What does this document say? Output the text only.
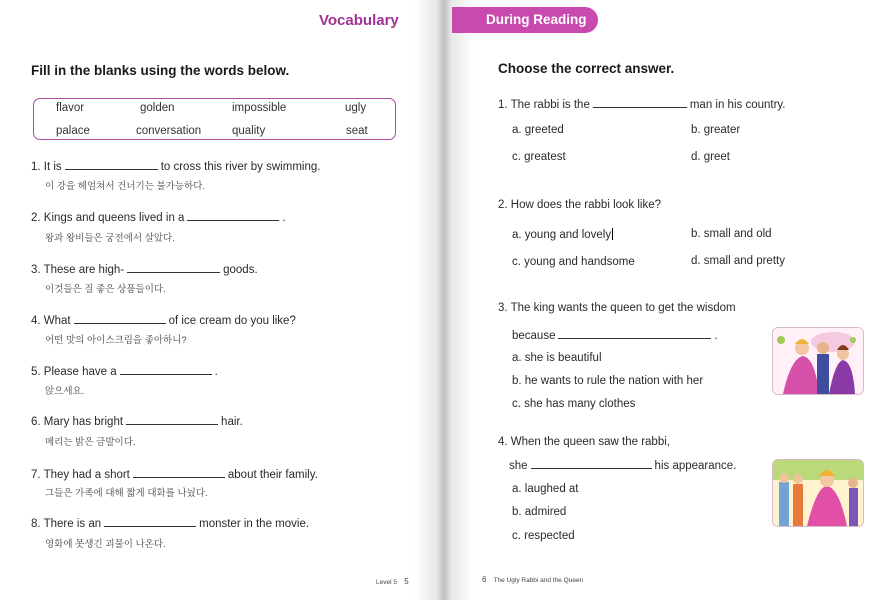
Vocabulary
Fill in the blanks using the words below.
flavor	golden	impossible	ugly
palace	conversation	quality	seat
1. It is	to cross this river by swimming.
이 강을 헤엄쳐서 건너기는 불가능하다.
2. Kings and queens lived in a	.
왕과 왕비들은 궁전에서 살았다.
3. These are high-	goods.
이것들은 질 좋은 상품들이다.
4. What	of ice cream do you like?
어떤 맛의 아이스크림을 좋아하니?
5. Please have a	.
앉으세요.
6. Mary has bright	hair.
메리는 밝은 금발이다.
7. They had a short	about their family.
그들은 가족에 대해 짧게 대화를 나눴다.
8. There is an	monster in the movie.
영화에 못생긴 괴물이 나온다.
Level 5 5
During Reading
Choose the correct answer.
1. The rabbi is the	man in his country.
a. greeted	b. greater
c. greatest	d. greet
2. How does the rabbi look like?
a. young and lovely	b. small and old
c. young and handsome	d. small and pretty
3. The king wants the queen to get the wisdom
because	.
a. she is beautiful
b. he wants to rule the nation with her
c. she has many clothes
4. When the queen saw the rabbi,
she	his appearance.
a. laughed at
b. admired
c. respected
6 The Ugly Rabbi and the Queen
